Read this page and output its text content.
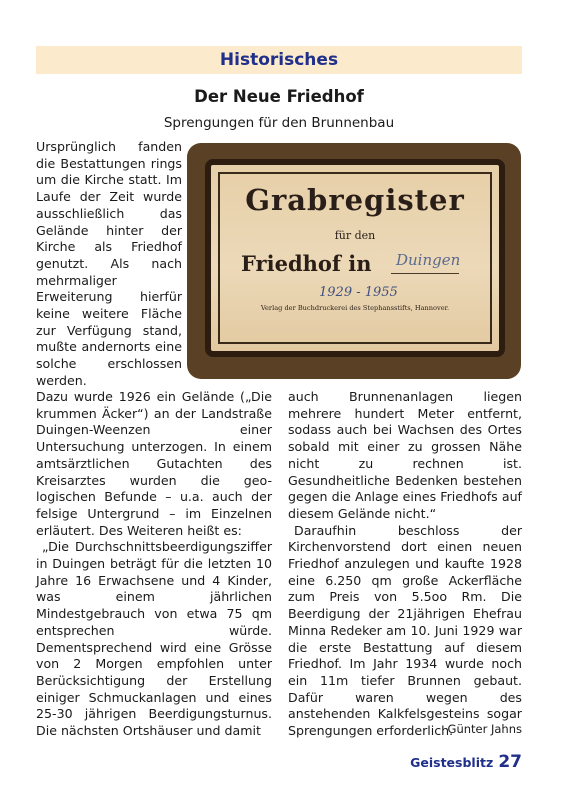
Historisches
Der Neue Friedhof
Sprengungen für den Brunnenbau

Ursprünglich fanden die Bestattungen rings um die Kirche statt. Im Laufe der Zeit wurde ausschließlich das Gelände hinter der Kirche als Friedhof genutzt. Als nach mehrmaliger Erweiterung hierfür keine weitere Fläche zur Verfügung stand, mußte andernorts eine solche erschlossen werden.

Grabregister
für den
Friedhof in Duingen
1929 - 1955
Verlag der Buchdruckerei des Stephansstifts, Hannover.

Dazu wurde 1926 ein Gelände („Die krummen Äcker“) an der Landstraße Duingen-Weenzen einer Untersuchung unterzogen. In einem amtsärztlichen Gutachten des Kreisarztes wurden die geo-logischen Befunde – u.a. auch der felsige Untergrund – im Einzelnen erläutert. Des Weiteren heißt es:

„Die Durchschnittsbeerdigungsziffer in Duingen beträgt für die letzten 10 Jahre 16 Erwachsene und 4 Kinder, was einem jährlichen Mindestgebrauch von etwa 75 qm entsprechen würde. Dementsprechend wird eine Grösse von 2 Morgen empfohlen unter Berücksichtigung der Erstellung einiger Schmuckanlagen und eines 25-30 jährigen Beerdigungsturnus. Die nächsten Ortshäuser und damit

auch Brunnenanlagen liegen mehrere hundert Meter entfernt, sodass auch bei Wachsen des Ortes sobald mit einer zu grossen Nähe nicht zu rechnen ist. Gesundheitliche Bedenken bestehen gegen die Anlage eines Friedhofs auf diesem Gelände nicht.“

Daraufhin beschloss der Kirchenvorstend dort einen neuen Friedhof anzulegen und kaufte 1928 eine 6.250 qm große Ackerfläche zum Preis von 5.5oo Rm. Die Beerdigung der 21jährigen Ehefrau Minna Redeker am 10. Juni 1929 war die erste Bestattung auf diesem Friedhof. Im Jahr 1934 wurde noch ein 11m tiefer Brunnen gebaut. Dafür waren wegen des anstehenden Kalkfelsgesteins sogar Sprengungen erforderlich.

Günter Jahns
Geistesblitz 27
